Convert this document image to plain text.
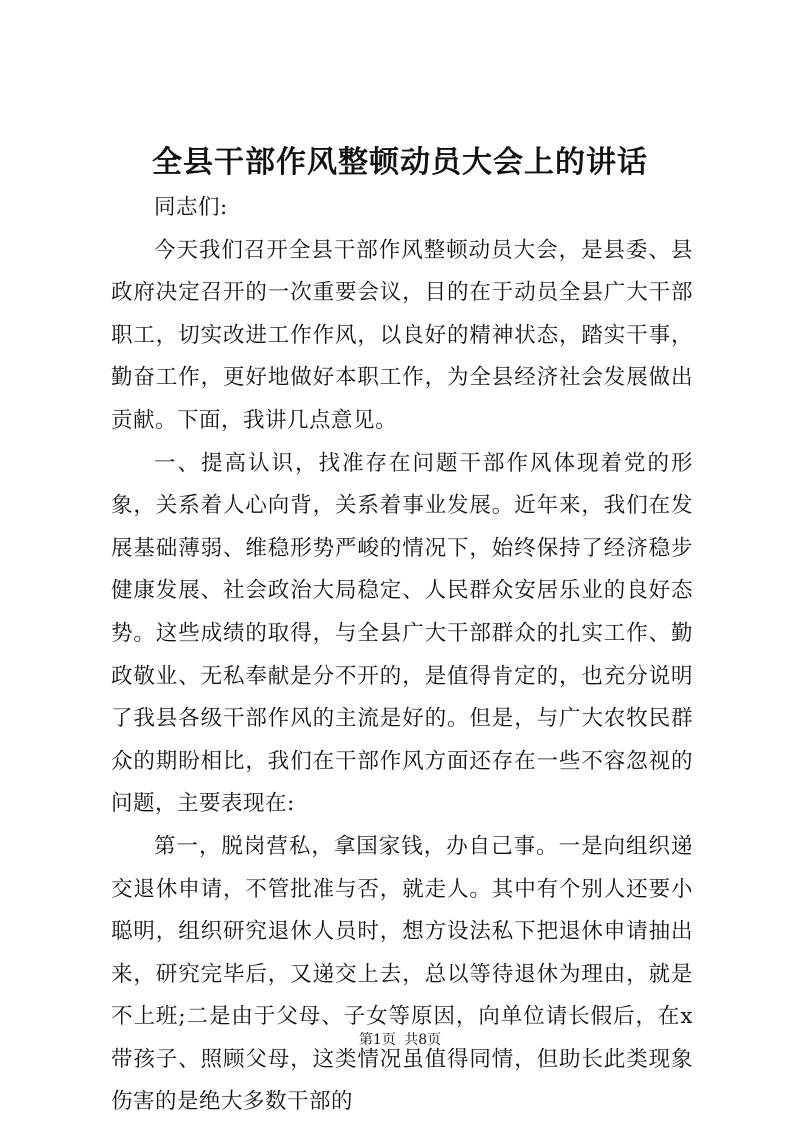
全县干部作风整顿动员大会上的讲话

同志们:

今天我们召开全县干部作风整顿动员大会，是县委、县政府决定召开的一次重要会议，目的在于动员全县广大干部职工，切实改进工作作风，以良好的精神状态，踏实干事，勤奋工作，更好地做好本职工作，为全县经济社会发展做出贡献。下面，我讲几点意见。

一、提高认识，找准存在问题干部作风体现着党的形象，关系着人心向背，关系着事业发展。近年来，我们在发展基础薄弱、维稳形势严峻的情况下，始终保持了经济稳步健康发展、社会政治大局稳定、人民群众安居乐业的良好态势。这些成绩的取得，与全县广大干部群众的扎实工作、勤政敬业、无私奉献是分不开的，是值得肯定的，也充分说明了我县各级干部作风的主流是好的。但是，与广大农牧民群众的期盼相比，我们在干部作风方面还存在一些不容忽视的问题，主要表现在:

第一，脱岗营私，拿国家钱，办自己事。一是向组织递交退休申请，不管批准与否，就走人。其中有个别人还要小聪明，组织研究退休人员时，想方设法私下把退休申请抽出来，研究完毕后，又递交上去，总以等待退休为理由，就是不上班;二是由于父母、子女等原因，向单位请长假后，在x带孩子、照顾父母，这类情况虽值得同情，但助长此类现象伤害的是绝大多数干部的

第1页 共8页
